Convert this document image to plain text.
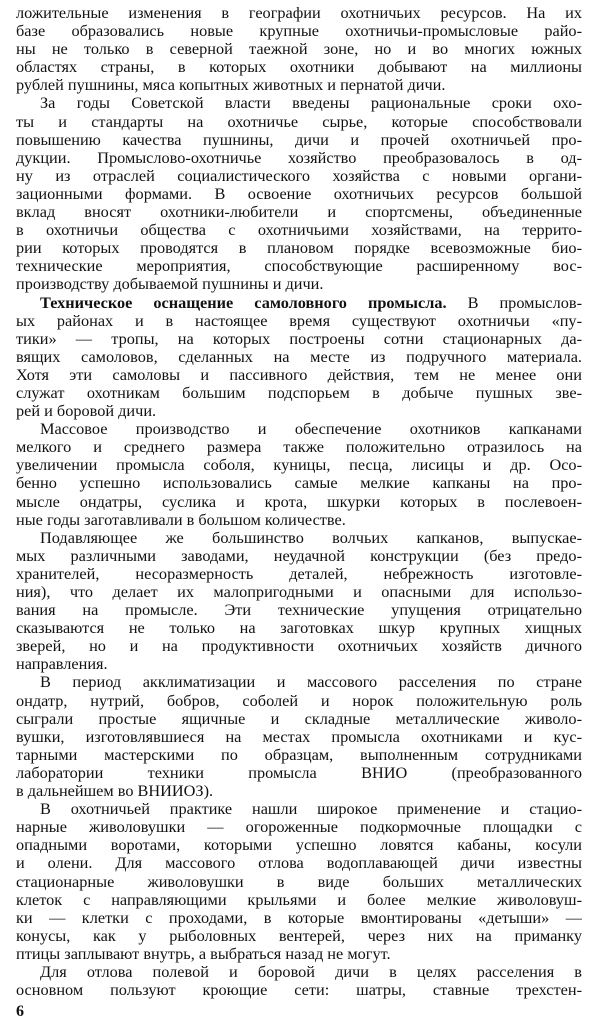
ложительные изменения в географии охотничьих ресурсов. На их
базе образовались новые крупные охотничьи-промысловые райо-
ны не только в северной таежной зоне, но и во многих южных
областях страны, в которых охотники добывают на миллионы
рублей пушнины, мяса копытных животных и пернатой дичи.
За годы Советской власти введены рациональные сроки охо-
ты и стандарты на охотничье сырье, которые способствовали
повышению качества пушнины, дичи и прочей охотничьей про-
дукции. Промыслово-охотничье хозяйство преобразовалось в од-
ну из отраслей социалистического хозяйства с новыми органи-
зационными формами. В освоение охотничьих ресурсов большой
вклад вносят охотники-любители и спортсмены, объединенные
в охотничьи общества с охотничьими хозяйствами, на террито-
рии которых проводятся в плановом порядке всевозможные био-
технические мероприятия, способствующие расширенному вос-
производству добываемой пушнины и дичи.
Техническое оснащение самоловного промысла. В промыслов-
ых районах и в настоящее время существуют охотничьи «пу-
тики» — тропы, на которых построены сотни стационарных да-
вящих самоловов, сделанных на месте из подручного материала.
Хотя эти самоловы и пассивного действия, тем не менее они
служат охотникам большим подспорьем в добыче пушных зве-
рей и боровой дичи.
Массовое производство и обеспечение охотников капканами
мелкого и среднего размера также положительно отразилось на
увеличении промысла соболя, куницы, песца, лисицы и др. Осо-
бенно успешно использовались самые мелкие капканы на про-
мысле ондатры, суслика и крота, шкурки которых в послевоен-
ные годы заготавливали в большом количестве.
Подавляющее же большинство волчьих капканов, выпускае-
мых различными заводами, неудачной конструкции (без предо-
хранителей, несоразмерность деталей, небрежность изготовле-
ния), что делает их малопригодными и опасными для использо-
вания на промысле. Эти технические упущения отрицательно
сказываются не только на заготовках шкур крупных хищных
зверей, но и на продуктивности охотничьих хозяйств дичного
направления.
В период акклиматизации и массового расселения по стране
ондатр, нутрий, бобров, соболей и норок положительную роль
сыграли простые ящичные и складные металлические живоло-
вушки, изготовлявшиеся на местах промысла охотниками и кус-
тарными мастерскими по образцам, выполненным сотрудниками
лаборатории техники промысла ВНИО (преобразованного
в дальнейшем во ВНИИОЗ).
В охотничьей практике нашли широкое применение и стацио-
нарные живоловушки — огороженные подкормочные площадки с
опадными воротами, которыми успешно ловятся кабаны, косули
и олени. Для массового отлова водоплавающей дичи известны
стационарные живоловушки в виде больших металлических
клеток с направляющими крыльями и более мелкие живоловуш-
ки — клетки с проходами, в которые вмонтированы «детыши» —
конусы, как у рыболовных вентерей, через них на приманку
птицы заплывают внутрь, а выбраться назад не могут.
Для отлова полевой и боровой дичи в целях расселения в
основном пользуют кроющие сети: шатры, ставные трехстен-
6
